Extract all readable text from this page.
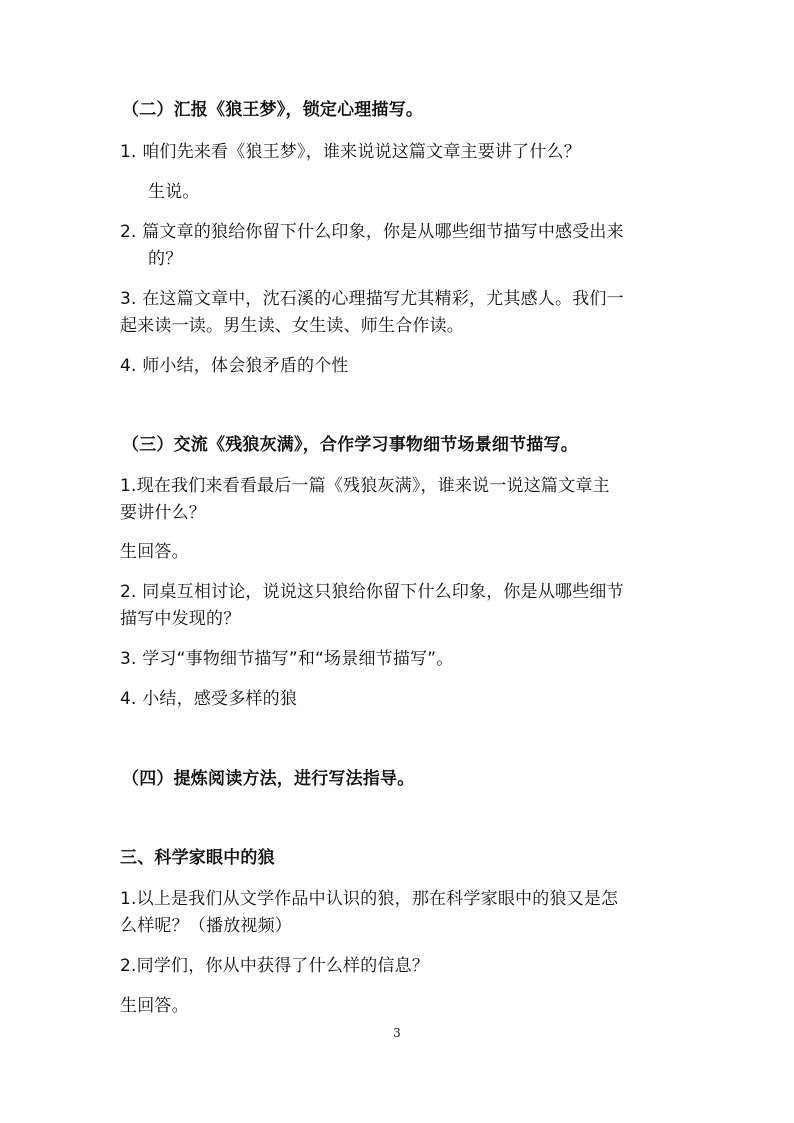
（二）汇报《狼王梦》，锁定心理描写。
1. 咱们先来看《狼王梦》，谁来说说这篇文章主要讲了什么？
生说。
2. 篇文章的狼给你留下什么印象，你是从哪些细节描写中感受出来
的？
3. 在这篇文章中，沈石溪的心理描写尤其精彩，尤其感人。我们一
起来读一读。男生读、女生读、师生合作读。
4. 师小结，体会狼矛盾的个性
（三）交流《残狼灰满》，合作学习事物细节场景细节描写。
1.现在我们来看看最后一篇《残狼灰满》，谁来说一说这篇文章主
要讲什么？
生回答。
2. 同桌互相讨论，说说这只狼给你留下什么印象，你是从哪些细节
描写中发现的？
3. 学习“事物细节描写”和“场景细节描写”。
4. 小结，感受多样的狼
（四）提炼阅读方法，进行写法指导。
三、科学家眼中的狼
1.以上是我们从文学作品中认识的狼，那在科学家眼中的狼又是怎
么样呢？（播放视频）
2.同学们，你从中获得了什么样的信息？
生回答。
3
